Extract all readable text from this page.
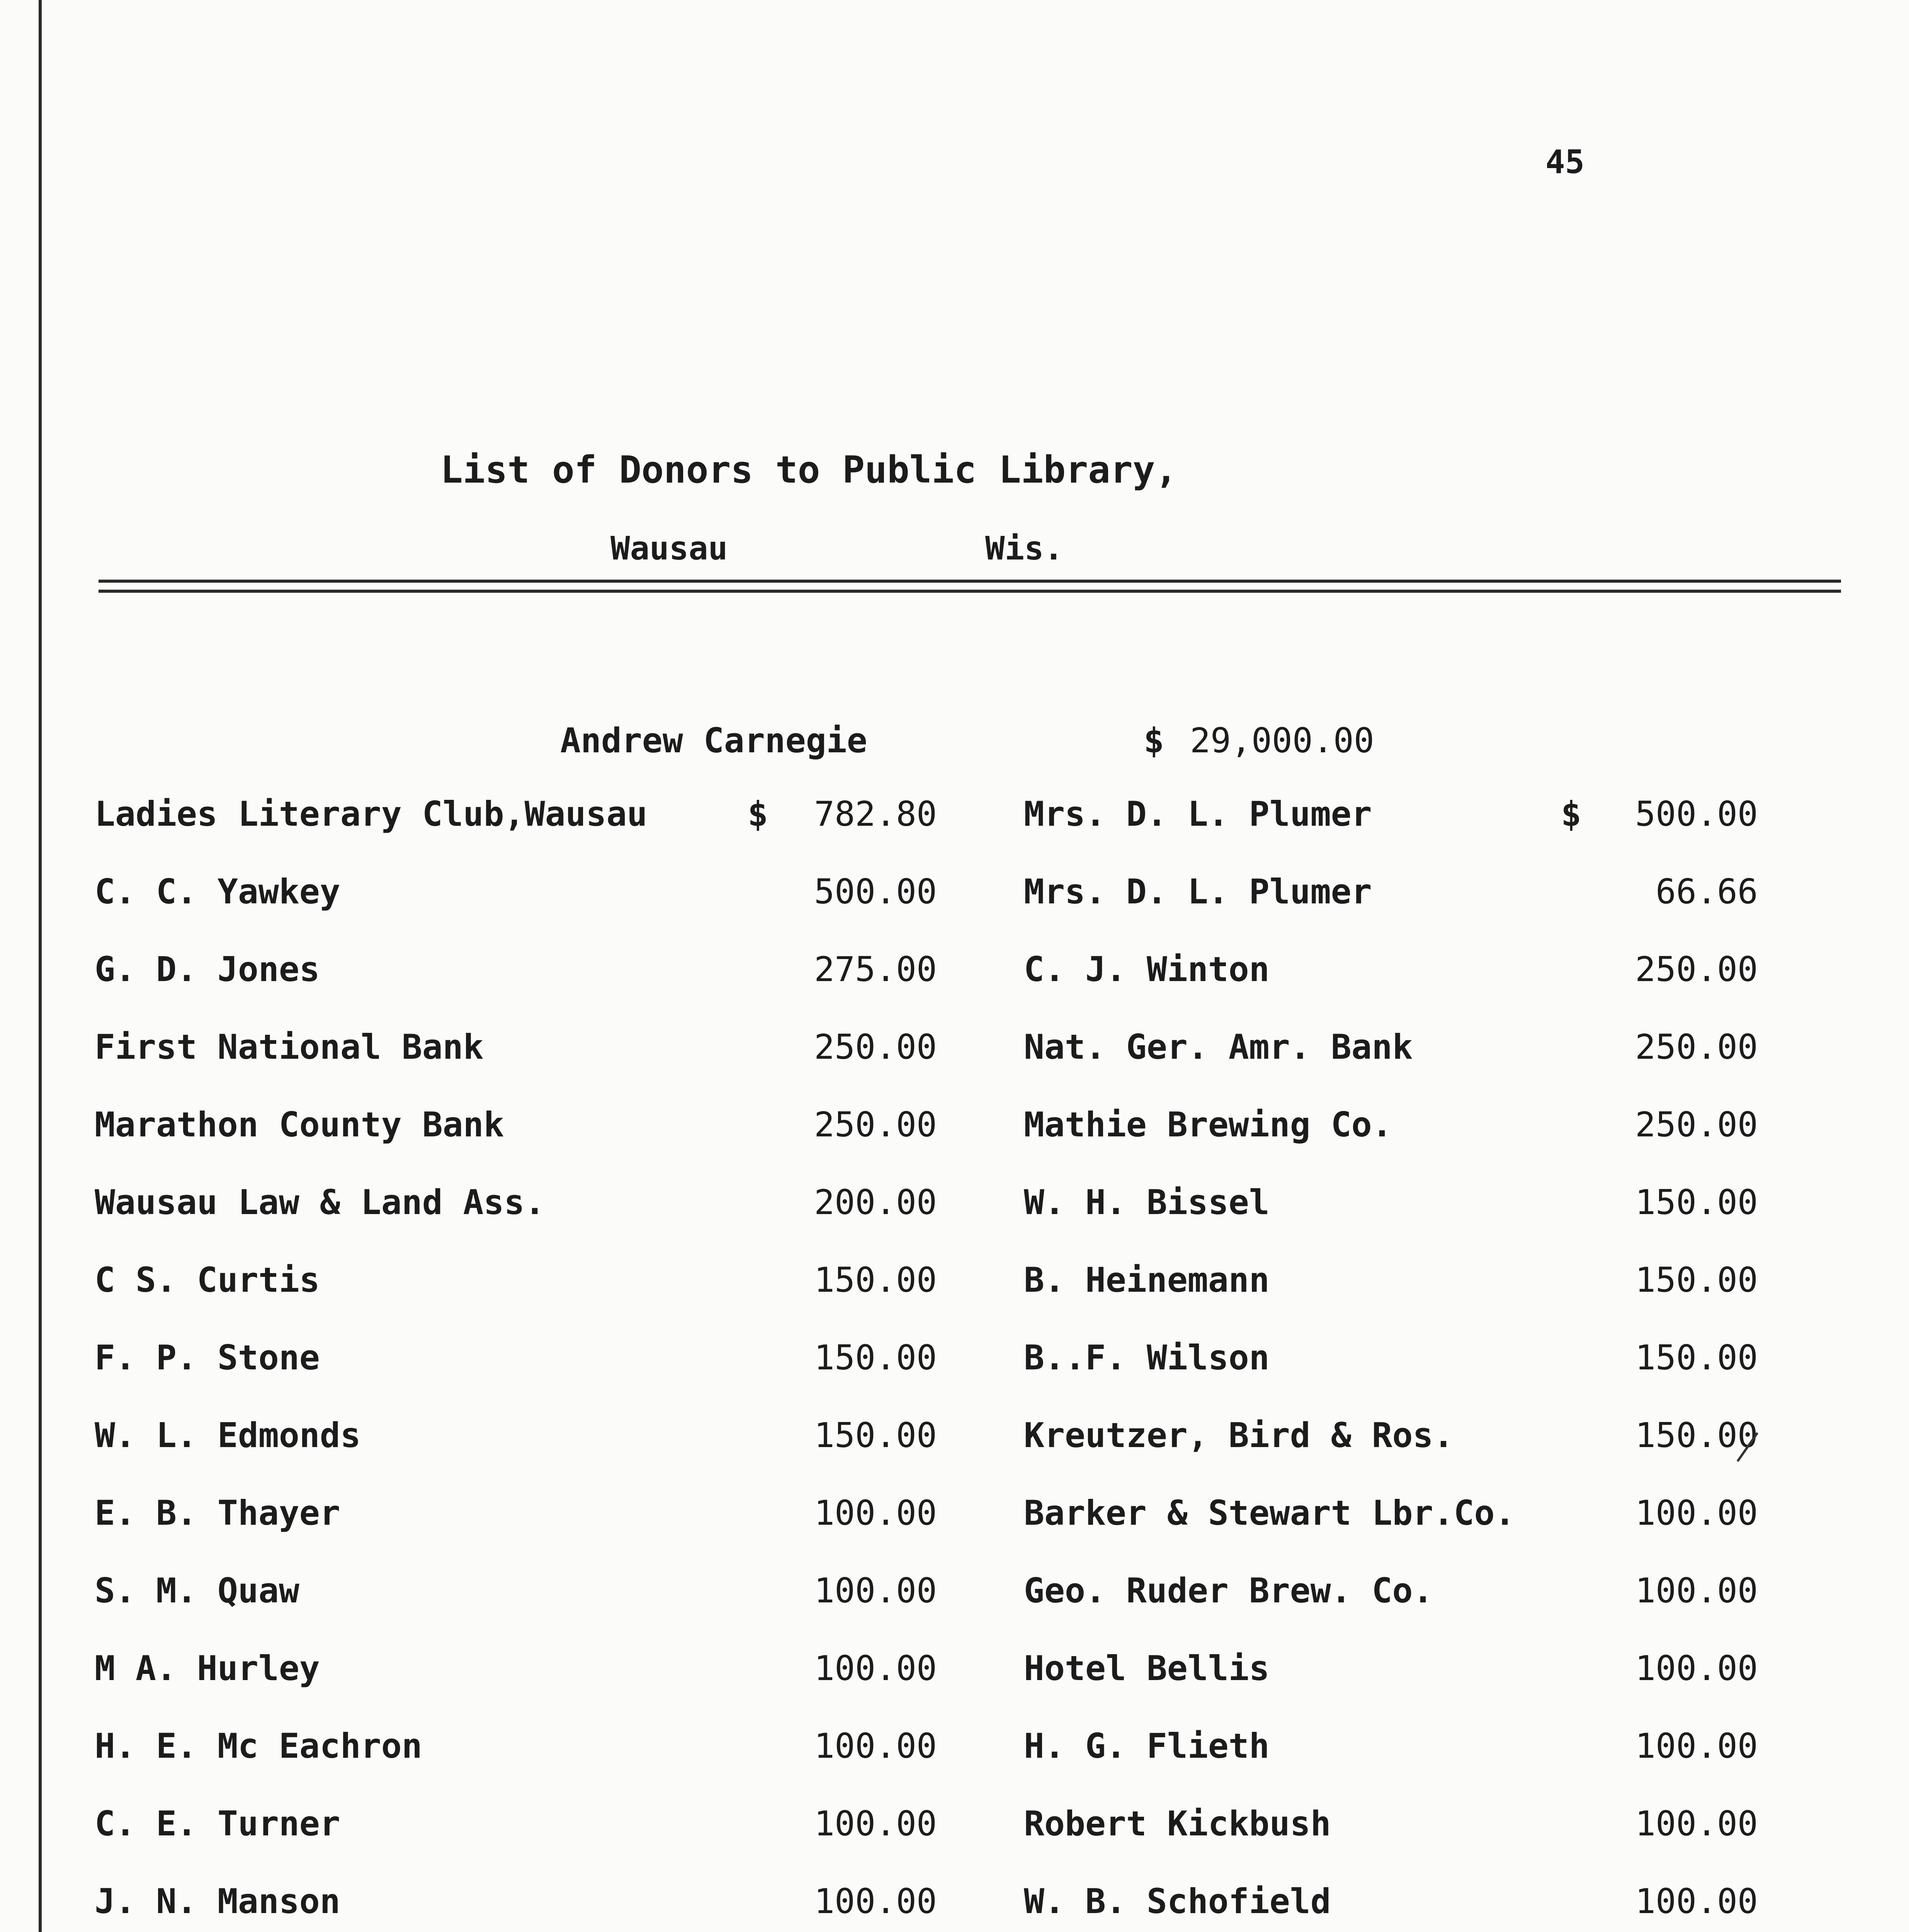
45
List of Donors to Public Library,
Wausau	Wis.
Andrew Carnegie	$ 29,000.00
Ladies Literary Club,Wausau	$ 782.80
C. C. Yawkey	500.00
G. D. Jones	275.00
First National Bank	250.00
Marathon County Bank	250.00
Wausau Law & Land Ass.	200.00
C S. Curtis	150.00
F. P. Stone	150.00
W. L. Edmonds	150.00
E. B. Thayer	100.00
S. M. Quaw	100.00
M A. Hurley	100.00
H. E. Mc Eachron	100.00
C. E. Turner	100.00
J. N. Manson	100.00
Mrs. D. L. Plumer	$ 500.00
Mrs. D. L. Plumer	66.66
C. J. Winton	250.00
Nat. Ger. Amr. Bank	250.00
Mathie Brewing Co.	250.00
W. H. Bissel	150.00
B. Heinemann	150.00
B..F. Wilson	150.00
Kreutzer, Bird & Ros.	150.00
Barker & Stewart Lbr.Co.	100.00
Geo. Ruder Brew. Co.	100.00
Hotel Bellis	100.00
H. G. Flieth	100.00
Robert Kickbush	100.00
W. B. Schofield	100.00
